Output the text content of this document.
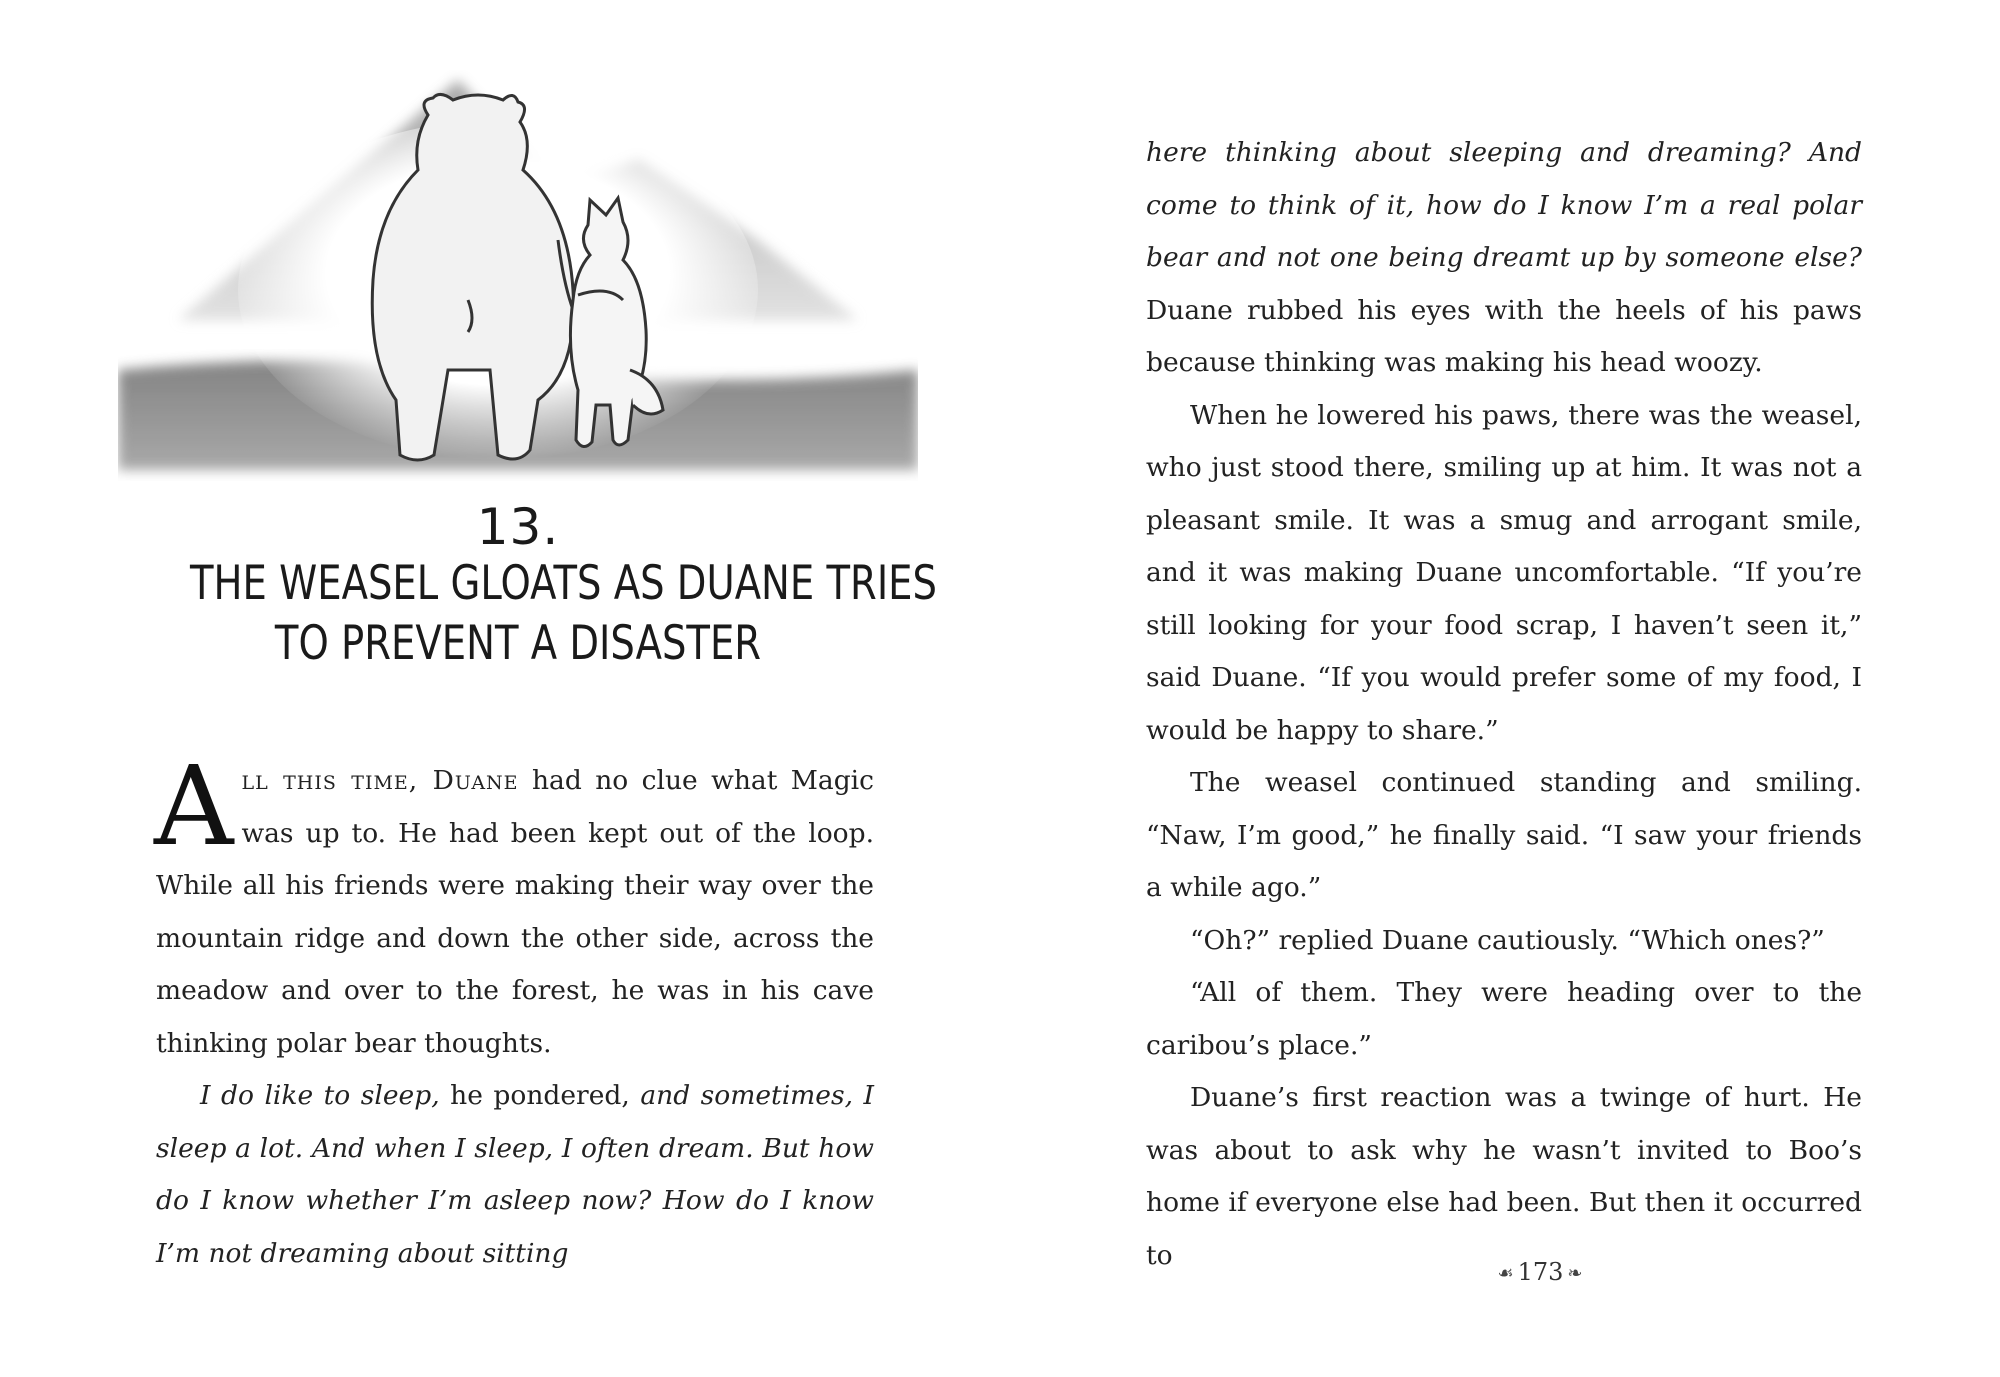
13.
THE WEASEL GLOATS AS DUANE TRIES
TO PREVENT A DISASTER

All this time, Duane had no clue what Magic was up to. He had been kept out of the loop. While all his friends were making their way over the mountain ridge and down the other side, across the meadow and over to the forest, he was in his cave thinking polar bear thoughts.

I do like to sleep, he pondered, and sometimes, I sleep a lot. And when I sleep, I often dream. But how do I know whether I’m asleep now? How do I know I’m not dreaming about sitting

here thinking about sleeping and dreaming? And come to think of it, how do I know I’m a real polar bear and not one being dreamt up by someone else? Duane rubbed his eyes with the heels of his paws because thinking was making his head woozy.

When he lowered his paws, there was the weasel, who just stood there, smiling up at him. It was not a pleasant smile. It was a smug and arrogant smile, and it was making Duane uncomfortable. “If you’re still looking for your food scrap, I haven’t seen it,” said Duane. “If you would prefer some of my food, I would be happy to share.”

The weasel continued standing and smiling. “Naw, I’m good,” he finally said. “I saw your friends a while ago.”

“Oh?” replied Duane cautiously. “Which ones?”

“All of them. They were heading over to the caribou’s place.”

Duane’s first reaction was a twinge of hurt. He was about to ask why he wasn’t invited to Boo’s home if everyone else had been. But then it occurred to

☙ 173 ❧
